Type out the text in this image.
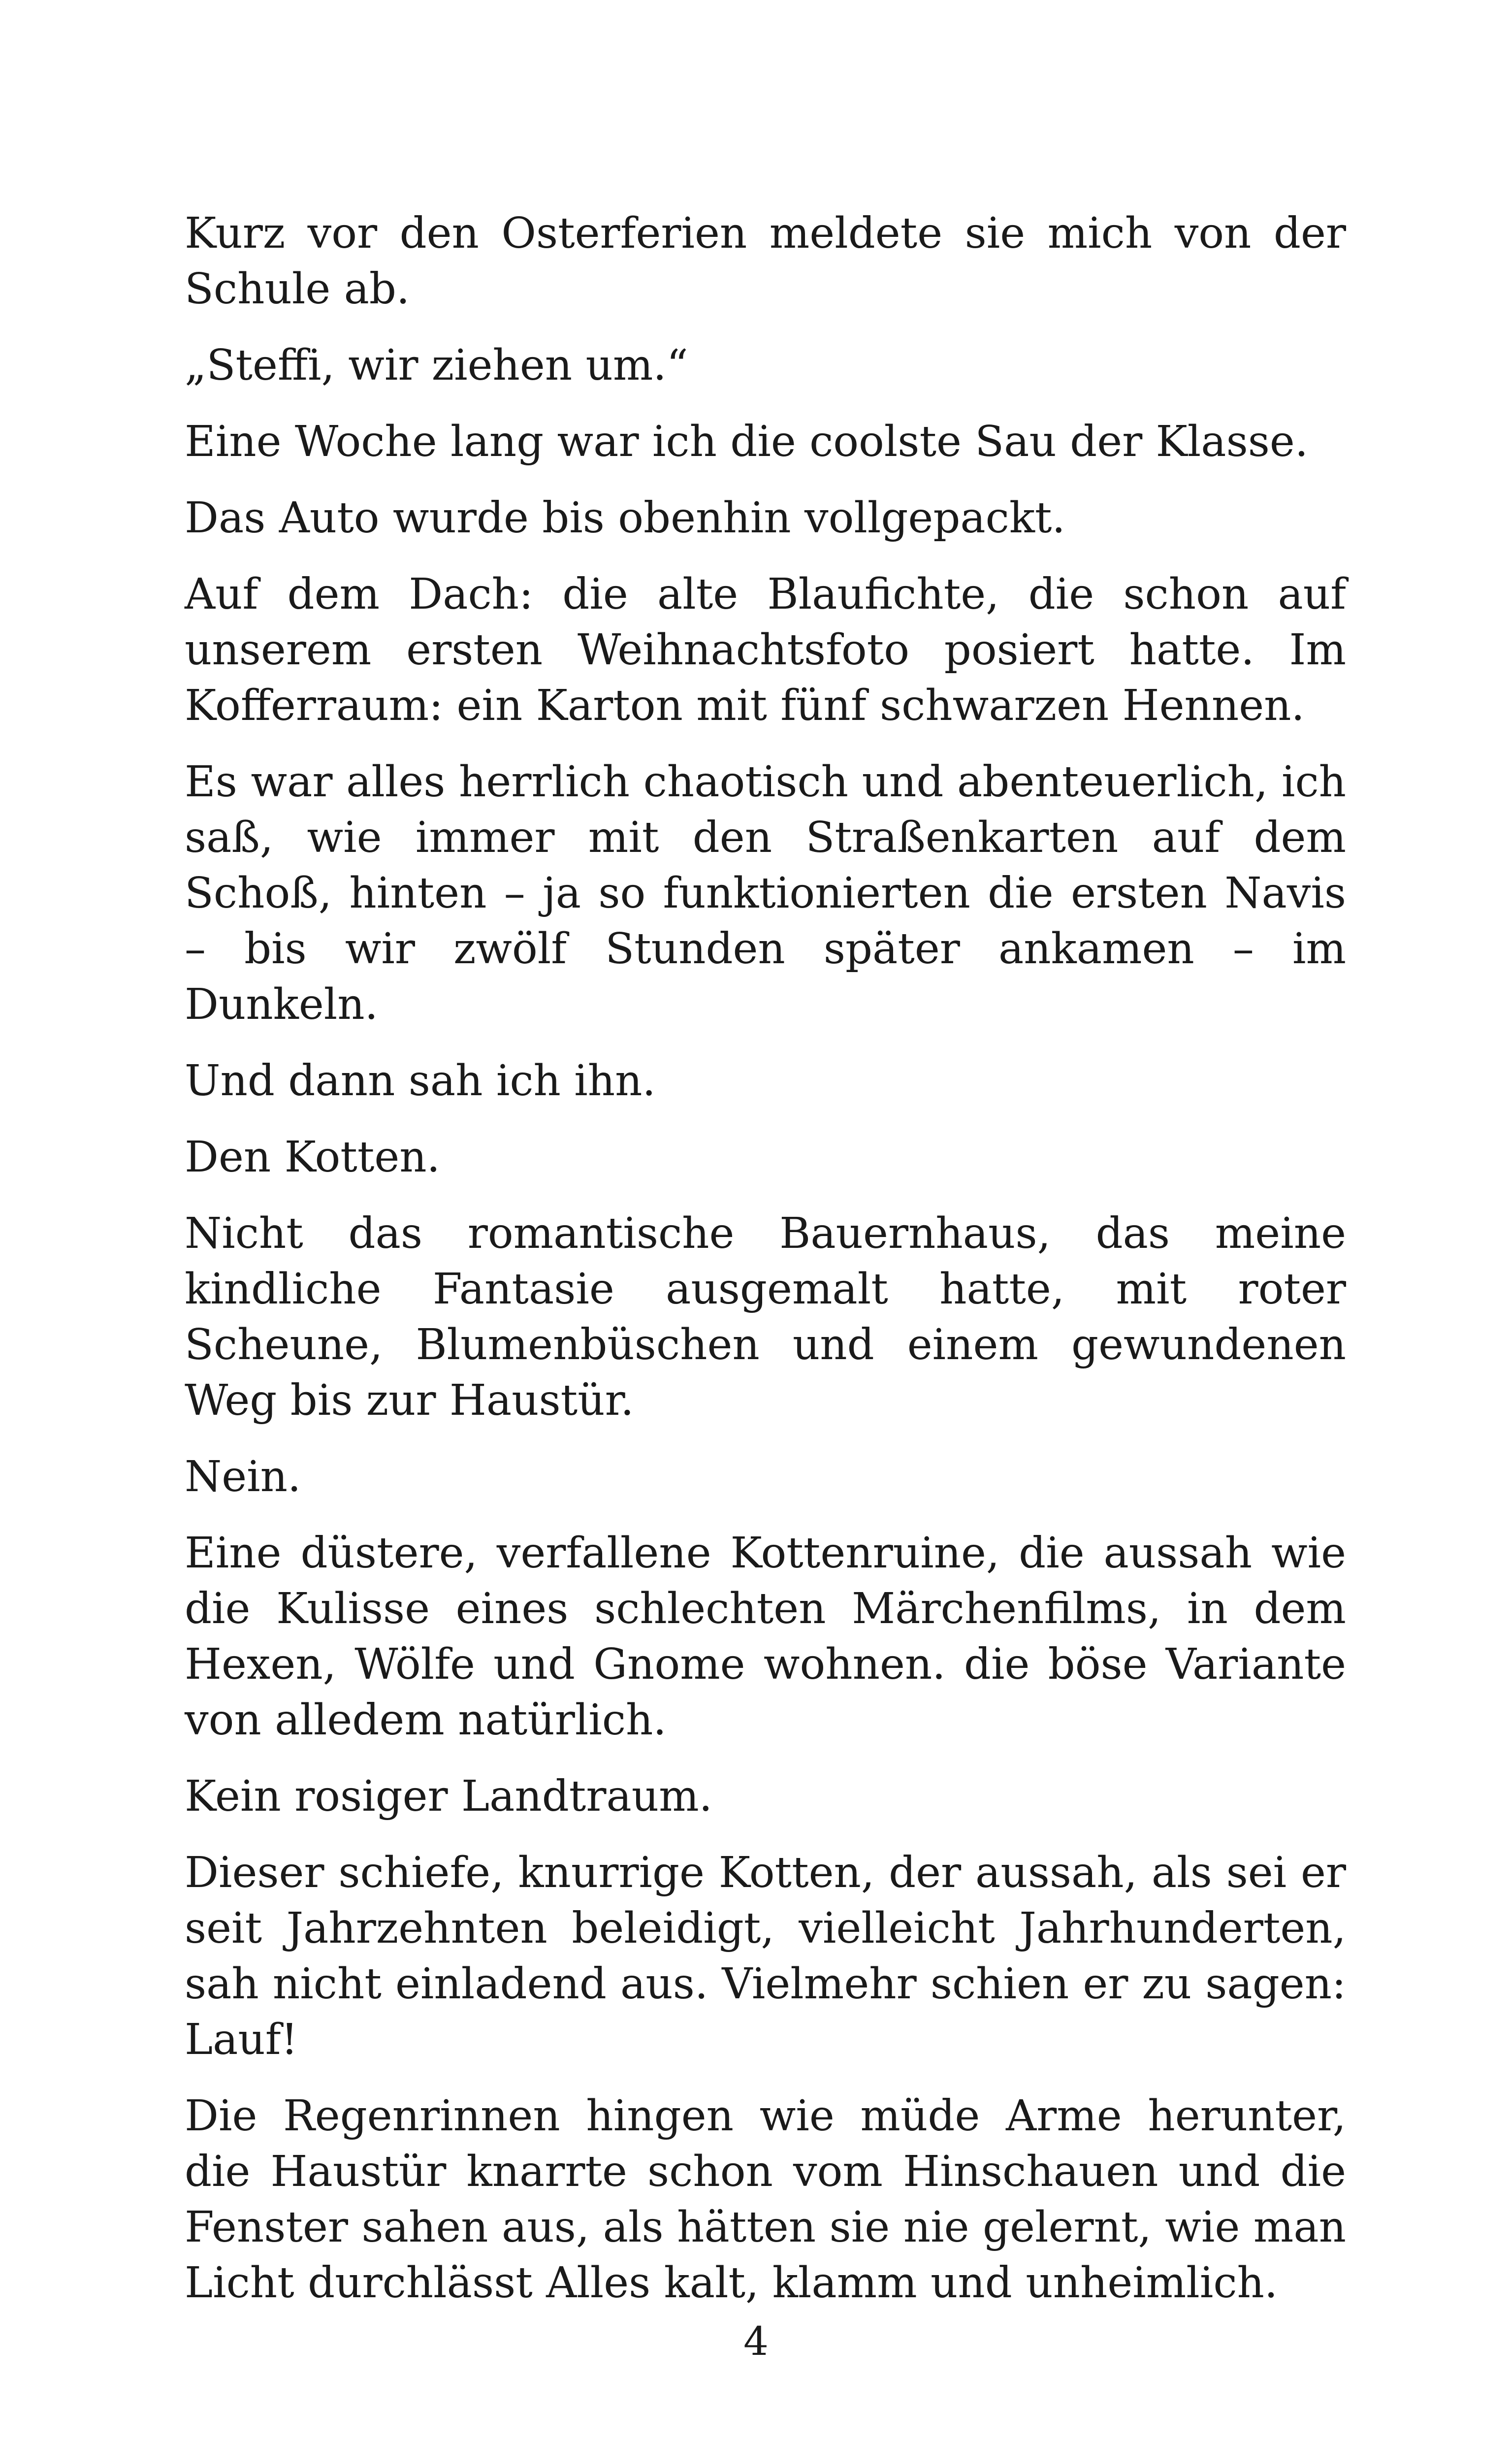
Kurz vor den Osterferien meldete sie mich von der Schule ab.

„Steffi, wir ziehen um.“

Eine Woche lang war ich die coolste Sau der Klasse.

Das Auto wurde bis obenhin vollgepackt.

Auf dem Dach: die alte Blaufichte, die schon auf unserem ersten Weihnachtsfoto posiert hatte. Im Kofferraum: ein Karton mit fünf schwarzen Hennen.

Es war alles herrlich chaotisch und abenteuerlich, ich saß, wie immer mit den Straßenkarten auf dem Schoß, hinten – ja so funktionierten die ersten Navis – bis wir zwölf Stunden später ankamen – im Dunkeln.

Und dann sah ich ihn.

Den Kotten.

Nicht das romantische Bauernhaus, das meine kindliche Fantasie ausgemalt hatte, mit roter Scheune, Blumenbüschen und einem gewundenen Weg bis zur Haustür.

Nein.

Eine düstere, verfallene Kottenruine, die aussah wie die Kulisse eines schlechten Märchenfilms, in dem Hexen, Wölfe und Gnome wohnen. die böse Variante von alledem natürlich.

Kein rosiger Landtraum.

Dieser schiefe, knurrige Kotten, der aussah, als sei er seit Jahrzehnten beleidigt, vielleicht Jahrhunderten, sah nicht einladend aus. Vielmehr schien er zu sagen: Lauf!

Die Regenrinnen hingen wie müde Arme herunter, die Haustür knarrte schon vom Hinschauen und die Fenster sahen aus, als hätten sie nie gelernt, wie man Licht durchlässt Alles kalt, klamm und unheimlich.

4
